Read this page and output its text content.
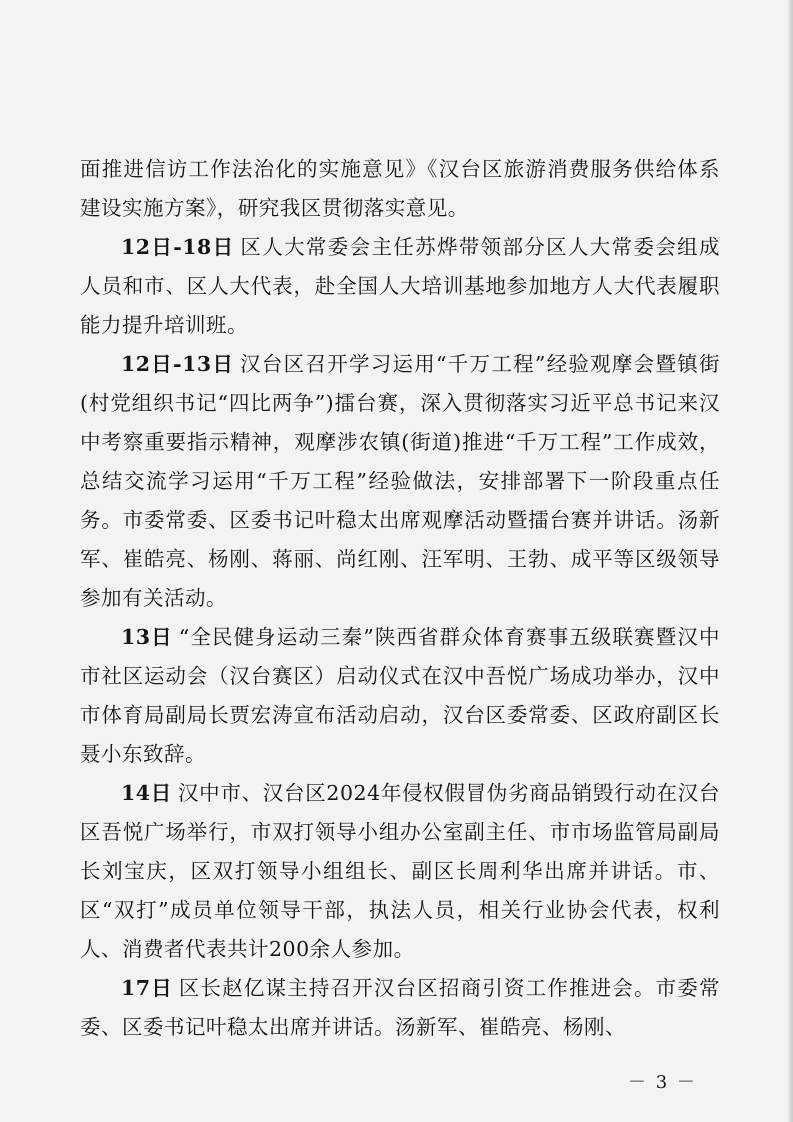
面推进信访工作法治化的实施意见》《汉台区旅游消费服务供给体系建设实施方案》，研究我区贯彻落实意见。

12日-18日 区人大常委会主任苏烨带领部分区人大常委会组成人员和市、区人大代表，赴全国人大培训基地参加地方人大代表履职能力提升培训班。

12日-13日 汉台区召开学习运用“千万工程”经验观摩会暨镇街(村党组织书记“四比两争”)擂台赛，深入贯彻落实习近平总书记来汉中考察重要指示精神，观摩涉农镇(街道)推进“千万工程”工作成效，总结交流学习运用“千万工程”经验做法，安排部署下一阶段重点任务。市委常委、区委书记叶稳太出席观摩活动暨擂台赛并讲话。汤新军、崔皓亮、杨刚、蒋丽、尚红刚、汪军明、王勃、成平等区级领导参加有关活动。

13日 “全民健身运动三秦”陕西省群众体育赛事五级联赛暨汉中市社区运动会（汉台赛区）启动仪式在汉中吾悦广场成功举办，汉中市体育局副局长贾宏涛宣布活动启动，汉台区委常委、区政府副区长聂小东致辞。

14日 汉中市、汉台区2024年侵权假冒伪劣商品销毁行动在汉台区吾悦广场举行，市双打领导小组办公室副主任、市市场监管局副局长刘宝庆，区双打领导小组组长、副区长周利华出席并讲话。市、区“双打”成员单位领导干部，执法人员，相关行业协会代表，权利人、消费者代表共计200余人参加。

17日 区长赵亿谋主持召开汉台区招商引资工作推进会。市委常委、区委书记叶稳太出席并讲话。汤新军、崔皓亮、杨刚、

－ 3 －
